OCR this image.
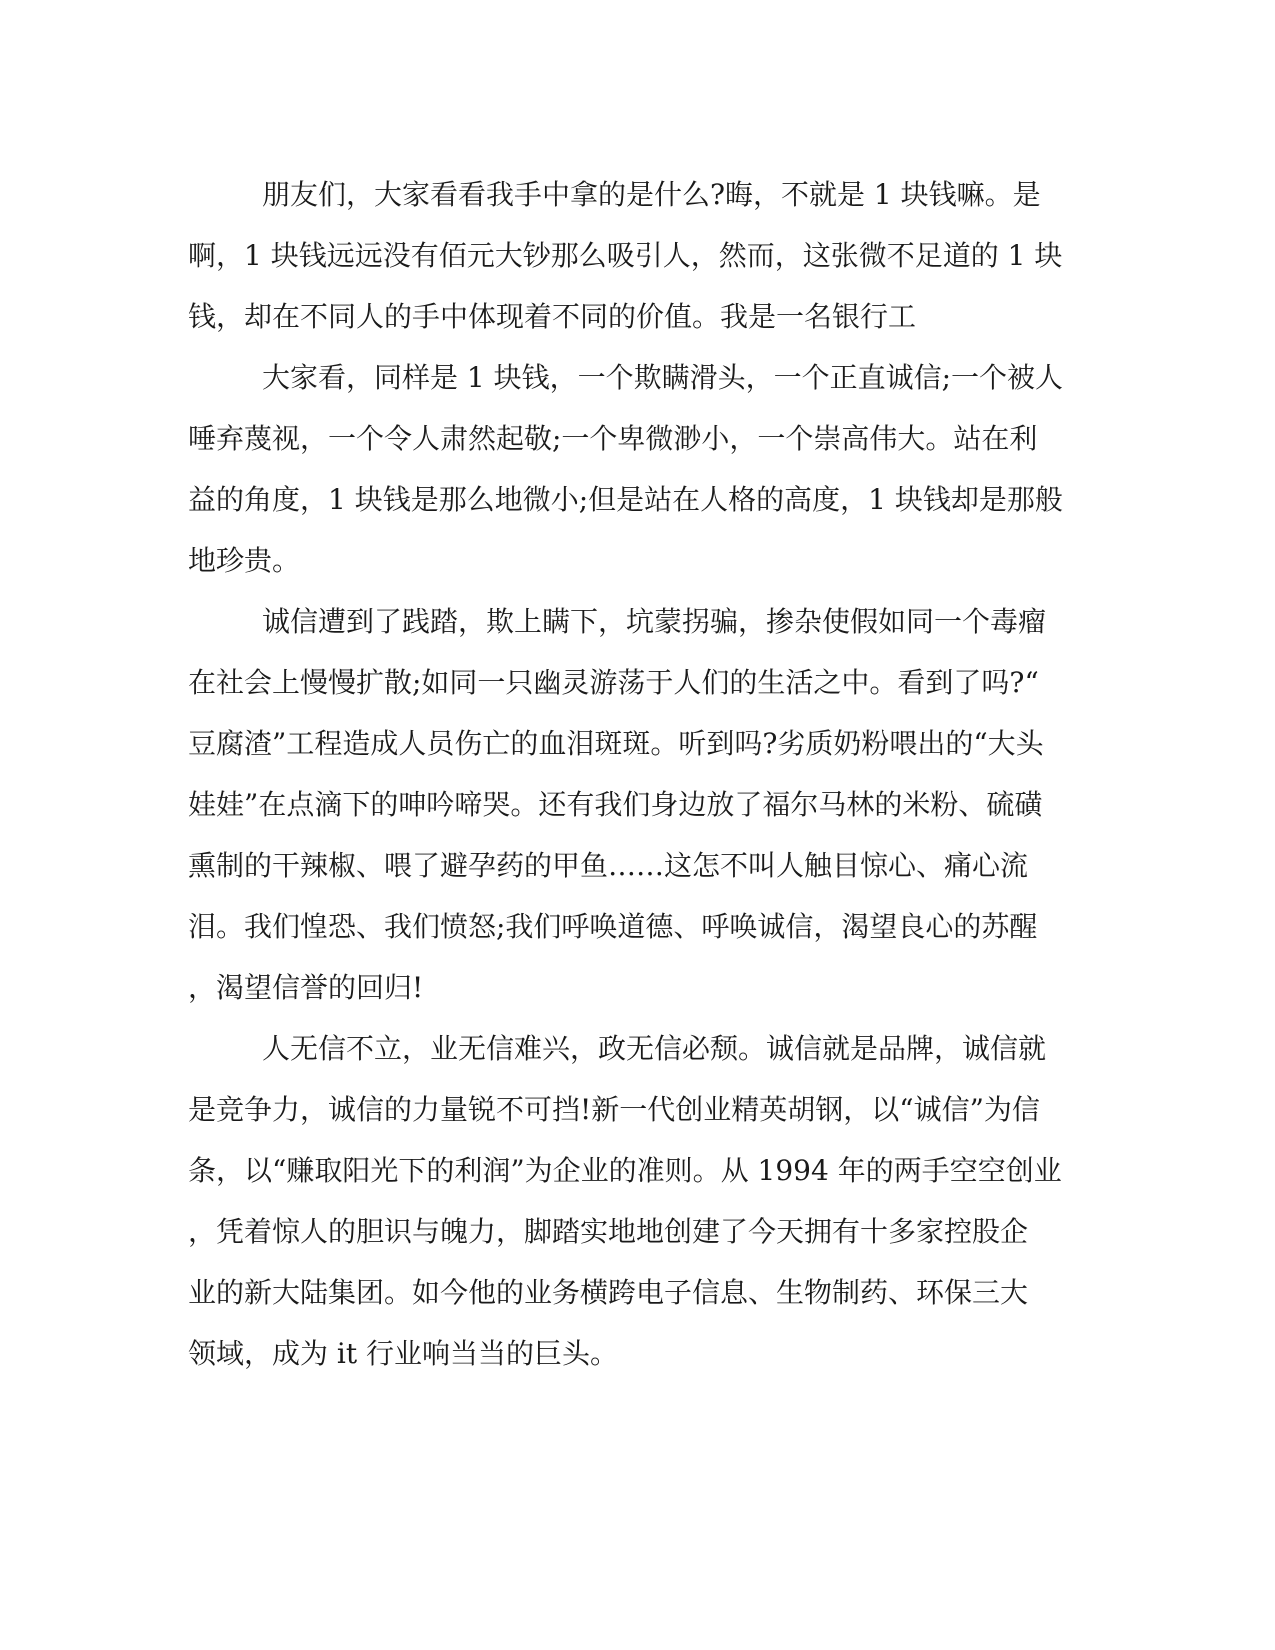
朋友们，大家看看我手中拿的是什么?晦，不就是 1 块钱嘛。是
啊，1 块钱远远没有佰元大钞那么吸引人，然而，这张微不足道的 1 块
钱，却在不同人的手中体现着不同的价值。我是一名银行工
大家看，同样是 1 块钱，一个欺瞒滑头，一个正直诚信;一个被人
唾弃蔑视，一个令人肃然起敬;一个卑微渺小，一个崇高伟大。站在利
益的角度，1 块钱是那么地微小;但是站在人格的高度，1 块钱却是那般
地珍贵。
诚信遭到了践踏，欺上瞒下，坑蒙拐骗，掺杂使假如同一个毒瘤
在社会上慢慢扩散;如同一只幽灵游荡于人们的生活之中。看到了吗?“
豆腐渣”工程造成人员伤亡的血泪斑斑。听到吗?劣质奶粉喂出的“大头
娃娃”在点滴下的呻吟啼哭。还有我们身边放了福尔马林的米粉、硫磺
熏制的干辣椒、喂了避孕药的甲鱼……这怎不叫人触目惊心、痛心流
泪。我们惶恐、我们愤怒;我们呼唤道德、呼唤诚信，渴望良心的苏醒
，渴望信誉的回归!
人无信不立，业无信难兴，政无信必颓。诚信就是品牌，诚信就
是竞争力，诚信的力量锐不可挡!新一代创业精英胡钢，以“诚信”为信
条，以“赚取阳光下的利润”为企业的准则。从 1994 年的两手空空创业
，凭着惊人的胆识与魄力，脚踏实地地创建了今天拥有十多家控股企
业的新大陆集团。如今他的业务横跨电子信息、生物制药、环保三大
领域，成为 it 行业响当当的巨头。
